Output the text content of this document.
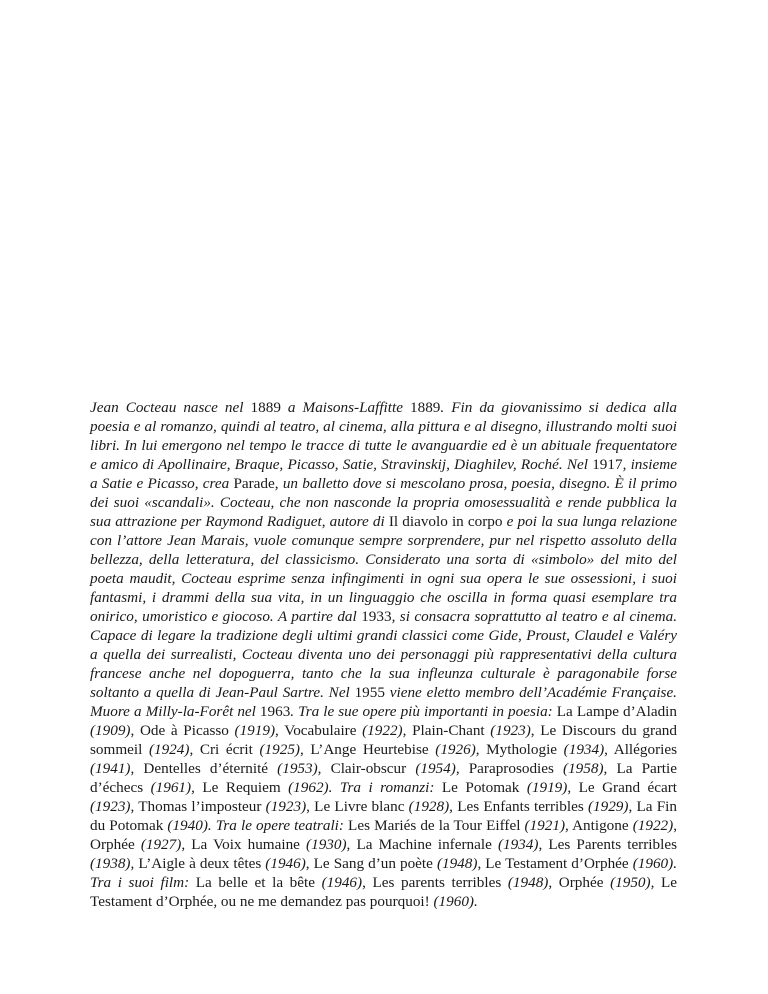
Jean Cocteau nasce nel 1889 a Maisons-Laffitte 1889. Fin da giovanissimo si dedica alla poesia e al romanzo, quindi al teatro, al cinema, alla pittura e al disegno, illustrando molti suoi libri. In lui emergono nel tempo le tracce di tutte le avanguardie ed è un abituale frequentatore e amico di Apollinaire, Braque, Picasso, Satie, Stravinskij, Diaghilev, Roché. Nel 1917, insieme a Satie e Picasso, crea Parade, un balletto dove si mescolano prosa, poesia, disegno. È il primo dei suoi «scandali». Cocteau, che non nasconde la propria omosessualità e rende pubblica la sua attrazione per Raymond Radiguet, autore di Il diavolo in corpo e poi la sua lunga relazione con l’attore Jean Marais, vuole comunque sempre sorprendere, pur nel rispetto assoluto della bellezza, della letteratura, del classicismo. Considerato una sorta di «simbolo» del mito del poeta maudit, Cocteau esprime senza infingimenti in ogni sua opera le sue ossessioni, i suoi fantasmi, i drammi della sua vita, in un linguaggio che oscilla in forma quasi esemplare tra onirico, umoristico e giocoso. A partire dal 1933, si consacra soprattutto al teatro e al cinema. Capace di legare la tradizione degli ultimi grandi classici come Gide, Proust, Claudel e Valéry a quella dei surrealisti, Cocteau diventa uno dei personaggi più rappresentativi della cultura francese anche nel dopoguerra, tanto che la sua infleunza culturale è paragonabile forse soltanto a quella di Jean-Paul Sartre. Nel 1955 viene eletto membro dell’Académie Française. Muore a Milly-la-Forêt nel 1963. Tra le sue opere più importanti in poesia: La Lampe d’Aladin (1909), Ode à Picasso (1919), Vocabulaire (1922), Plain-Chant (1923), Le Discours du grand sommeil (1924), Cri écrit (1925), L’Ange Heurtebise (1926), Mythologie (1934), Allégories (1941), Dentelles d’éternité (1953), Clair-obscur (1954), Paraprosodies (1958), La Partie d’échecs (1961), Le Requiem (1962). Tra i romanzi: Le Potomak (1919), Le Grand écart (1923), Thomas l’imposteur (1923), Le Livre blanc (1928), Les Enfants terribles (1929), La Fin du Potomak (1940). Tra le opere teatrali: Les Mariés de la Tour Eiffel (1921), Antigone (1922), Orphée (1927), La Voix humaine (1930), La Machine infernale (1934), Les Parents terribles (1938), L’Aigle à deux têtes (1946), Le Sang d’un poète (1948), Le Testament d’Orphée (1960). Tra i suoi film: La belle et la bête (1946), Les parents terribles (1948), Orphée (1950), Le Testament d’Orphée, ou ne me demandez pas pourquoi! (1960).
